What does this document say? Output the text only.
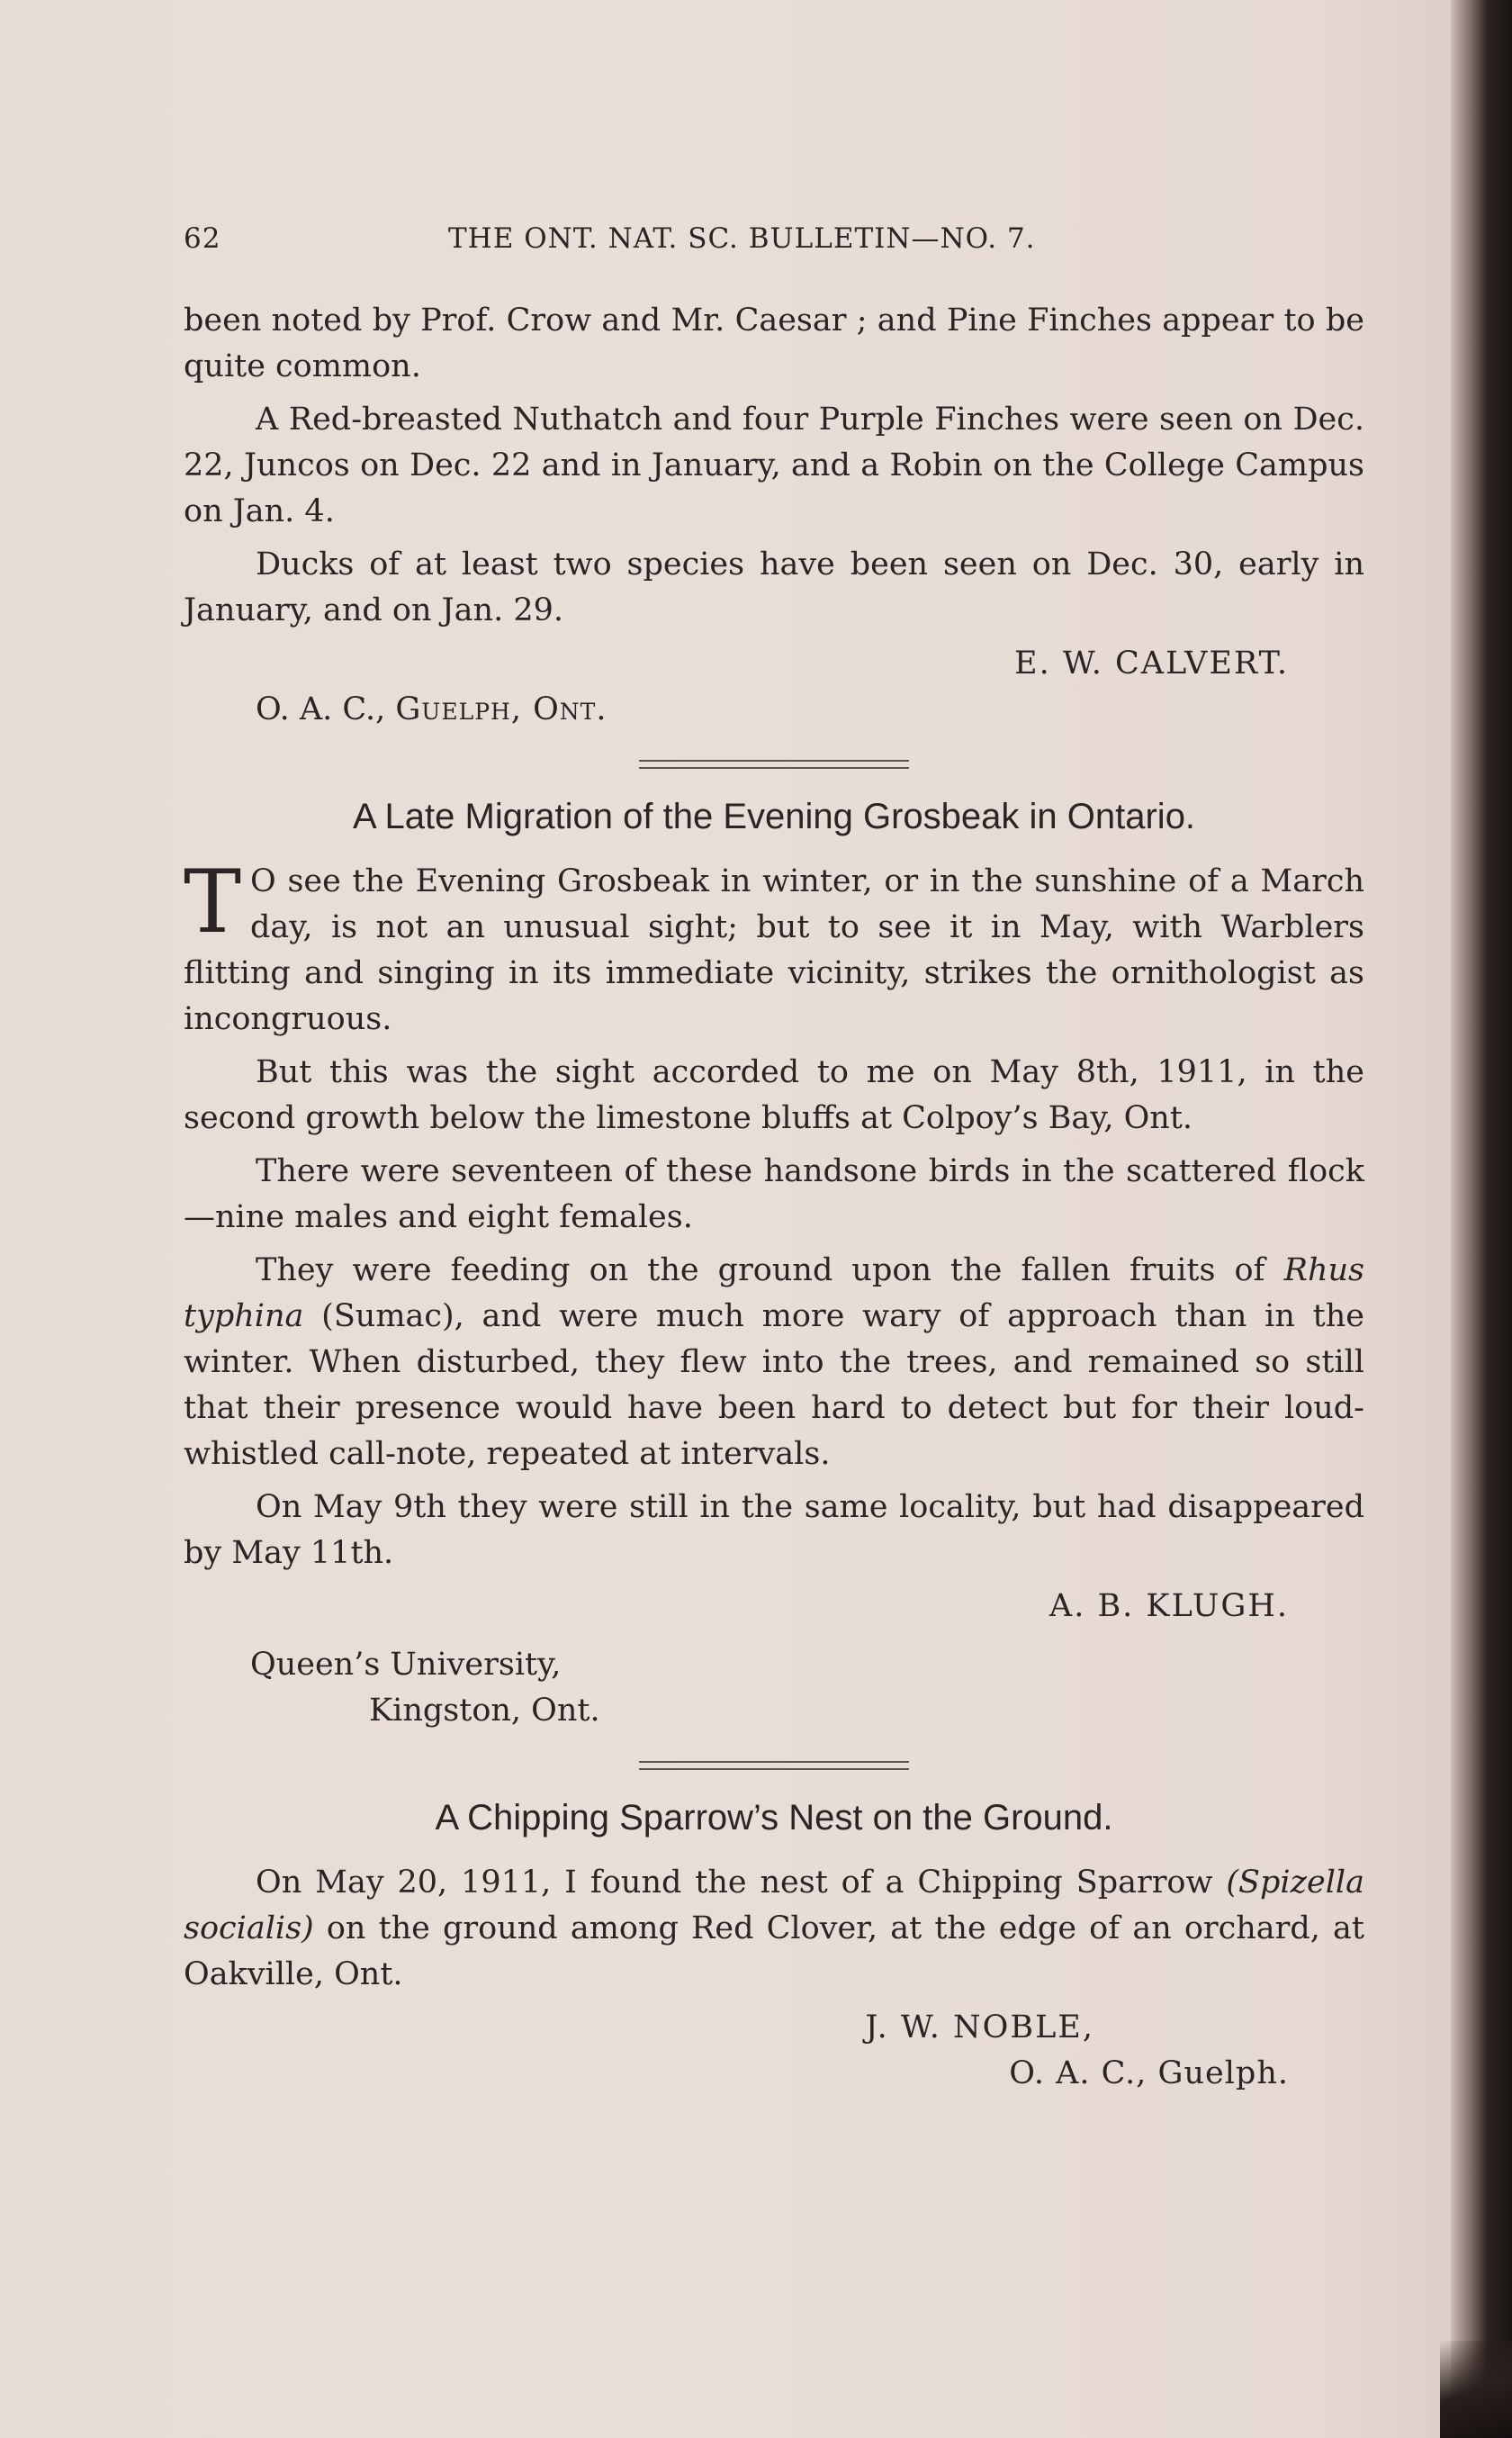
62	THE ONT. NAT. SC. BULLETIN—NO. 7.

been noted by Prof. Crow and Mr. Caesar ; and Pine Finches appear to be quite common.

A Red-breasted Nuthatch and four Purple Finches were seen on Dec. 22, Juncos on Dec. 22 and in January, and a Robin on the College Campus on Jan. 4.

Ducks of at least two species have been seen on Dec. 30, early in January, and on Jan. 29.

E. W. CALVERT.

O. A. C., Guelph, Ont.

A Late Migration of the Evening Grosbeak in Ontario.

T O see the Evening Grosbeak in winter, or in the sunshine of a March day, is not an unusual sight; but to see it in May, with Warblers flitting and singing in its immediate vicinity, strikes the ornithologist as incongruous.

But this was the sight accorded to me on May 8th, 1911, in the second growth below the limestone bluffs at Colpoy’s Bay, Ont.

There were seventeen of these handsone birds in the scattered flock—nine males and eight females.

They were feeding on the ground upon the fallen fruits of Rhus typhina (Sumac), and were much more wary of approach than in the winter. When disturbed, they flew into the trees, and remained so still that their presence would have been hard to detect but for their loud-whistled call-note, repeated at intervals.

On May 9th they were still in the same locality, but had disappeared by May 11th.

A. B. KLUGH.

Queen’s University,

Kingston, Ont.

A Chipping Sparrow’s Nest on the Ground.

On May 20, 1911, I found the nest of a Chipping Sparrow (Spizella socialis) on the ground among Red Clover, at the edge of an orchard, at Oakville, Ont.

J. W. NOBLE,

O. A. C., Guelph.
